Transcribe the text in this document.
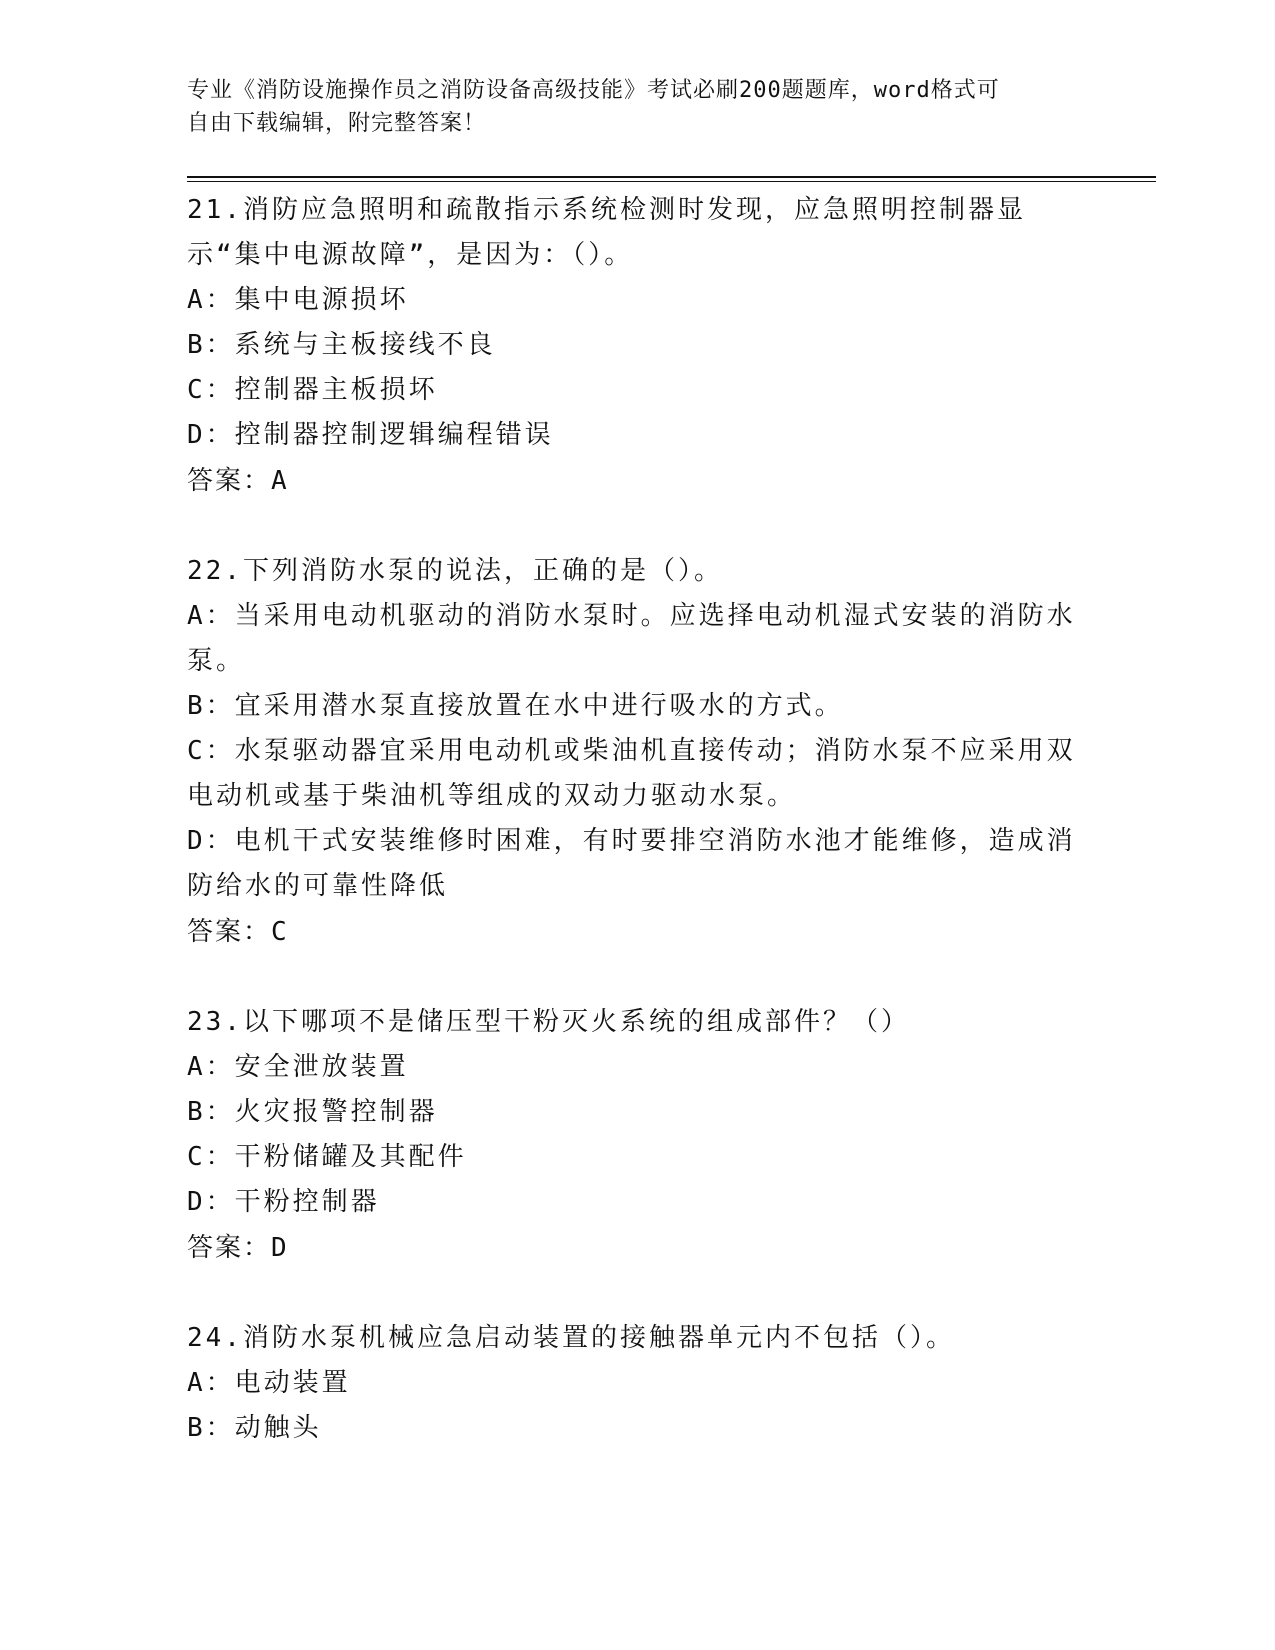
专业《消防设施操作员之消防设备高级技能》考试必刷200题题库，word格式可
自由下载编辑，附完整答案！

21.消防应急照明和疏散指示系统检测时发现，应急照明控制器显示“集中电源故障”，是因为：（）。

A：集中电源损坏

B：系统与主板接线不良

C：控制器主板损坏

D：控制器控制逻辑编程错误

答案：A

22.下列消防水泵的说法，正确的是（）。

A：当采用电动机驱动的消防水泵时。应选择电动机湿式安装的消防水泵。

B：宜采用潜水泵直接放置在水中进行吸水的方式。

C：水泵驱动器宜采用电动机或柴油机直接传动；消防水泵不应采用双电动机或基于柴油机等组成的双动力驱动水泵。

D：电机干式安装维修时困难，有时要排空消防水池才能维修，造成消防给水的可靠性降低

答案：C

23.以下哪项不是储压型干粉灭火系统的组成部件？（）

A：安全泄放装置

B：火灾报警控制器

C：干粉储罐及其配件

D：干粉控制器

答案：D

24.消防水泵机械应急启动装置的接触器单元内不包括（）。

A：电动装置

B：动触头
